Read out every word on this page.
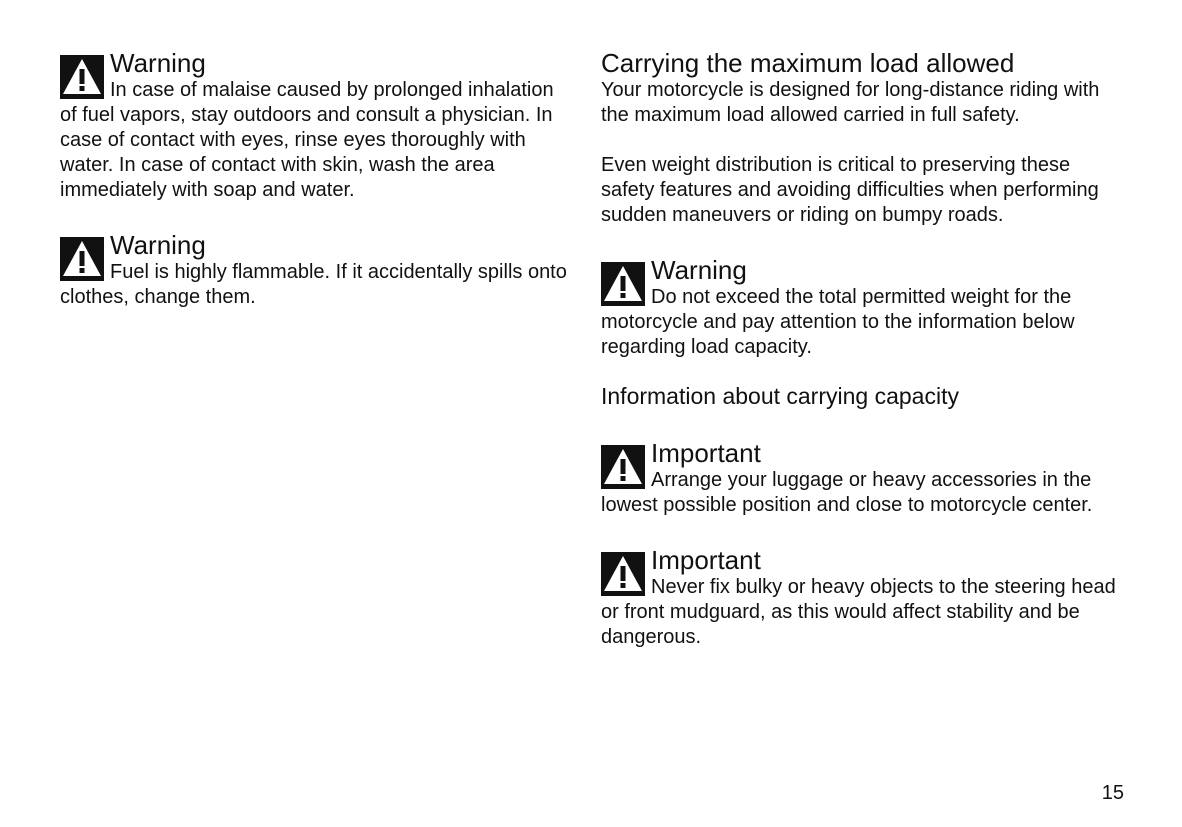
Warning
In case of malaise caused by prolonged inhalation of fuel vapors, stay outdoors and consult a physician. In case of contact with eyes, rinse eyes thoroughly with water. In case of contact with skin, wash the area immediately with soap and water.
Warning
Fuel is highly flammable. If it accidentally spills onto clothes, change them.
Carrying the maximum load allowed

Your motorcycle is designed for long-distance riding with the maximum load allowed carried in full safety.

Even weight distribution is critical to preserving these safety features and avoiding difficulties when performing sudden maneuvers or riding on bumpy roads.

Warning
Do not exceed the total permitted weight for the motorcycle and pay attention to the information below regarding load capacity.

Information about carrying capacity

Important
Arrange your luggage or heavy accessories in the lowest possible position and close to motorcycle center.
Important
Never fix bulky or heavy objects to the steering head or front mudguard, as this would affect stability and be dangerous.
15
